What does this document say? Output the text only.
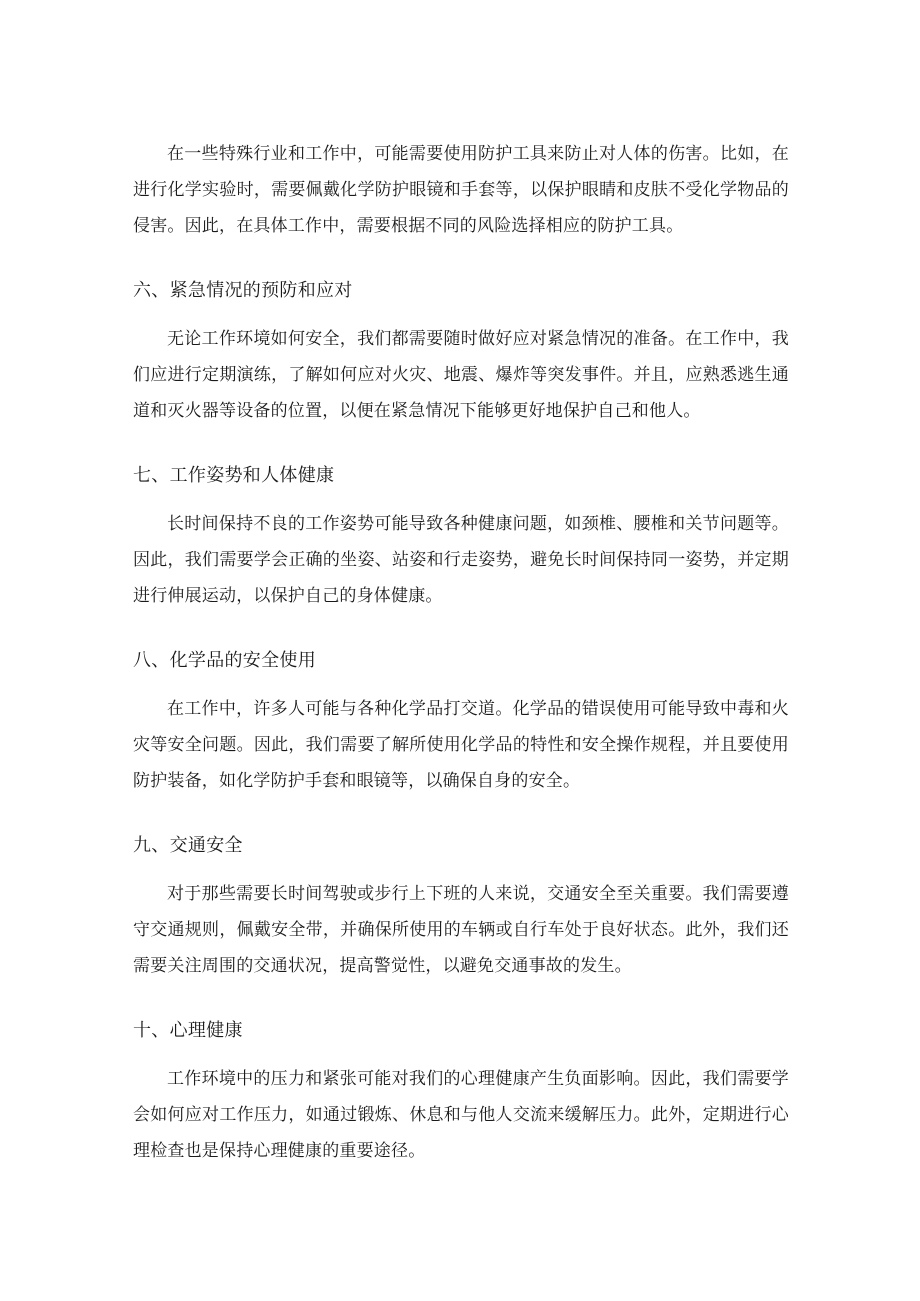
在一些特殊行业和工作中，可能需要使用防护工具来防止对人体的伤害。比如，在进行化学实验时，需要佩戴化学防护眼镜和手套等，以保护眼睛和皮肤不受化学物品的侵害。因此，在具体工作中，需要根据不同的风险选择相应的防护工具。

六、紧急情况的预防和应对

无论工作环境如何安全，我们都需要随时做好应对紧急情况的准备。在工作中，我们应进行定期演练，了解如何应对火灾、地震、爆炸等突发事件。并且，应熟悉逃生通道和灭火器等设备的位置，以便在紧急情况下能够更好地保护自己和他人。

七、工作姿势和人体健康

长时间保持不良的工作姿势可能导致各种健康问题，如颈椎、腰椎和关节问题等。因此，我们需要学会正确的坐姿、站姿和行走姿势，避免长时间保持同一姿势，并定期进行伸展运动，以保护自己的身体健康。

八、化学品的安全使用

在工作中，许多人可能与各种化学品打交道。化学品的错误使用可能导致中毒和火灾等安全问题。因此，我们需要了解所使用化学品的特性和安全操作规程，并且要使用防护装备，如化学防护手套和眼镜等，以确保自身的安全。

九、交通安全

对于那些需要长时间驾驶或步行上下班的人来说，交通安全至关重要。我们需要遵守交通规则，佩戴安全带，并确保所使用的车辆或自行车处于良好状态。此外，我们还需要关注周围的交通状况，提高警觉性，以避免交通事故的发生。

十、心理健康

工作环境中的压力和紧张可能对我们的心理健康产生负面影响。因此，我们需要学会如何应对工作压力，如通过锻炼、休息和与他人交流来缓解压力。此外，定期进行心理检查也是保持心理健康的重要途径。
